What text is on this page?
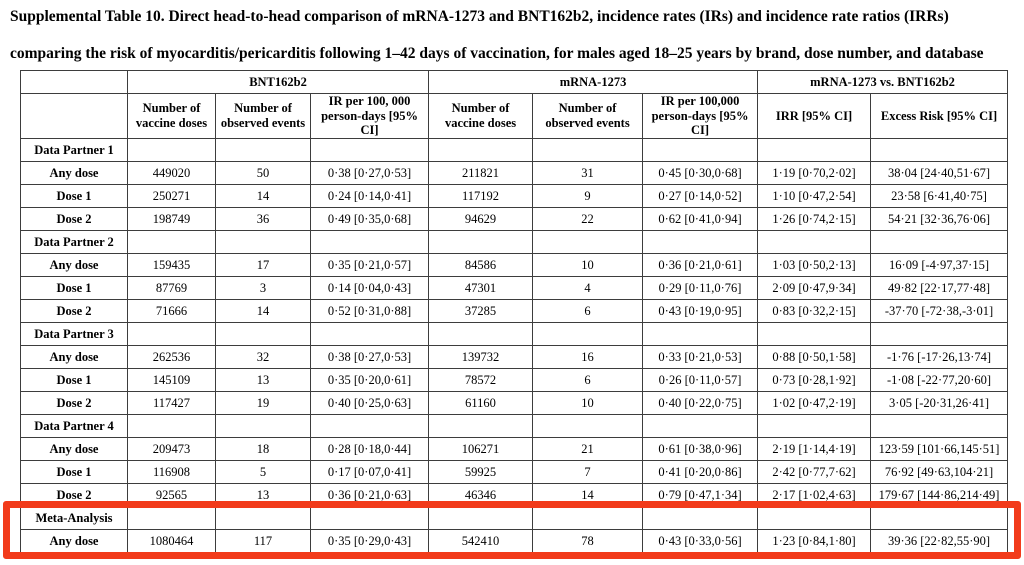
Supplemental Table 10. Direct head-to-head comparison of mRNA-1273 and BNT162b2, incidence rates (IRs) and incidence rate ratios (IRRs)
comparing the risk of myocarditis/pericarditis following 1–42 days of vaccination, for males aged 18–25 years by brand, dose number, and database
	BNT162b2			mRNA-1273			mRNA-1273 vs. BNT162b2	
	Number of vaccine doses	Number of observed events	IR per 100, 000 person-days [95% CI]	Number of vaccine doses	Number of observed events	IR per 100,000 person-days [95% CI]	IRR [95% CI]	Excess Risk [95% CI]
Data Partner 1								
Any dose	449020	50	0·38 [0·27,0·53]	211821	31	0·45 [0·30,0·68]	1·19 [0·70,2·02]	38·04 [24·40,51·67]
Dose 1	250271	14	0·24 [0·14,0·41]	117192	9	0·27 [0·14,0·52]	1·10 [0·47,2·54]	23·58 [6·41,40·75]
Dose 2	198749	36	0·49 [0·35,0·68]	94629	22	0·62 [0·41,0·94]	1·26 [0·74,2·15]	54·21 [32·36,76·06]
Data Partner 2								
Any dose	159435	17	0·35 [0·21,0·57]	84586	10	0·36 [0·21,0·61]	1·03 [0·50,2·13]	16·09 [-4·97,37·15]
Dose 1	87769	3	0·14 [0·04,0·43]	47301	4	0·29 [0·11,0·76]	2·09 [0·47,9·34]	49·82 [22·17,77·48]
Dose 2	71666	14	0·52 [0·31,0·88]	37285	6	0·43 [0·19,0·95]	0·83 [0·32,2·15]	-37·70 [-72·38,-3·01]
Data Partner 3								
Any dose	262536	32	0·38 [0·27,0·53]	139732	16	0·33 [0·21,0·53]	0·88 [0·50,1·58]	-1·76 [-17·26,13·74]
Dose 1	145109	13	0·35 [0·20,0·61]	78572	6	0·26 [0·11,0·57]	0·73 [0·28,1·92]	-1·08 [-22·77,20·60]
Dose 2	117427	19	0·40 [0·25,0·63]	61160	10	0·40 [0·22,0·75]	1·02 [0·47,2·19]	3·05 [-20·31,26·41]
Data Partner 4								
Any dose	209473	18	0·28 [0·18,0·44]	106271	21	0·61 [0·38,0·96]	2·19 [1·14,4·19]	123·59 [101·66,145·51]
Dose 1	116908	5	0·17 [0·07,0·41]	59925	7	0·41 [0·20,0·86]	2·42 [0·77,7·62]	76·92 [49·63,104·21]
Dose 2	92565	13	0·36 [0·21,0·63]	46346	14	0·79 [0·47,1·34]	2·17 [1·02,4·63]	179·67 [144·86,214·49]
Meta-Analysis								
Any dose	1080464	117	0·35 [0·29,0·43]	542410	78	0·43 [0·33,0·56]	1·23 [0·84,1·80]	39·36 [22·82,55·90]
